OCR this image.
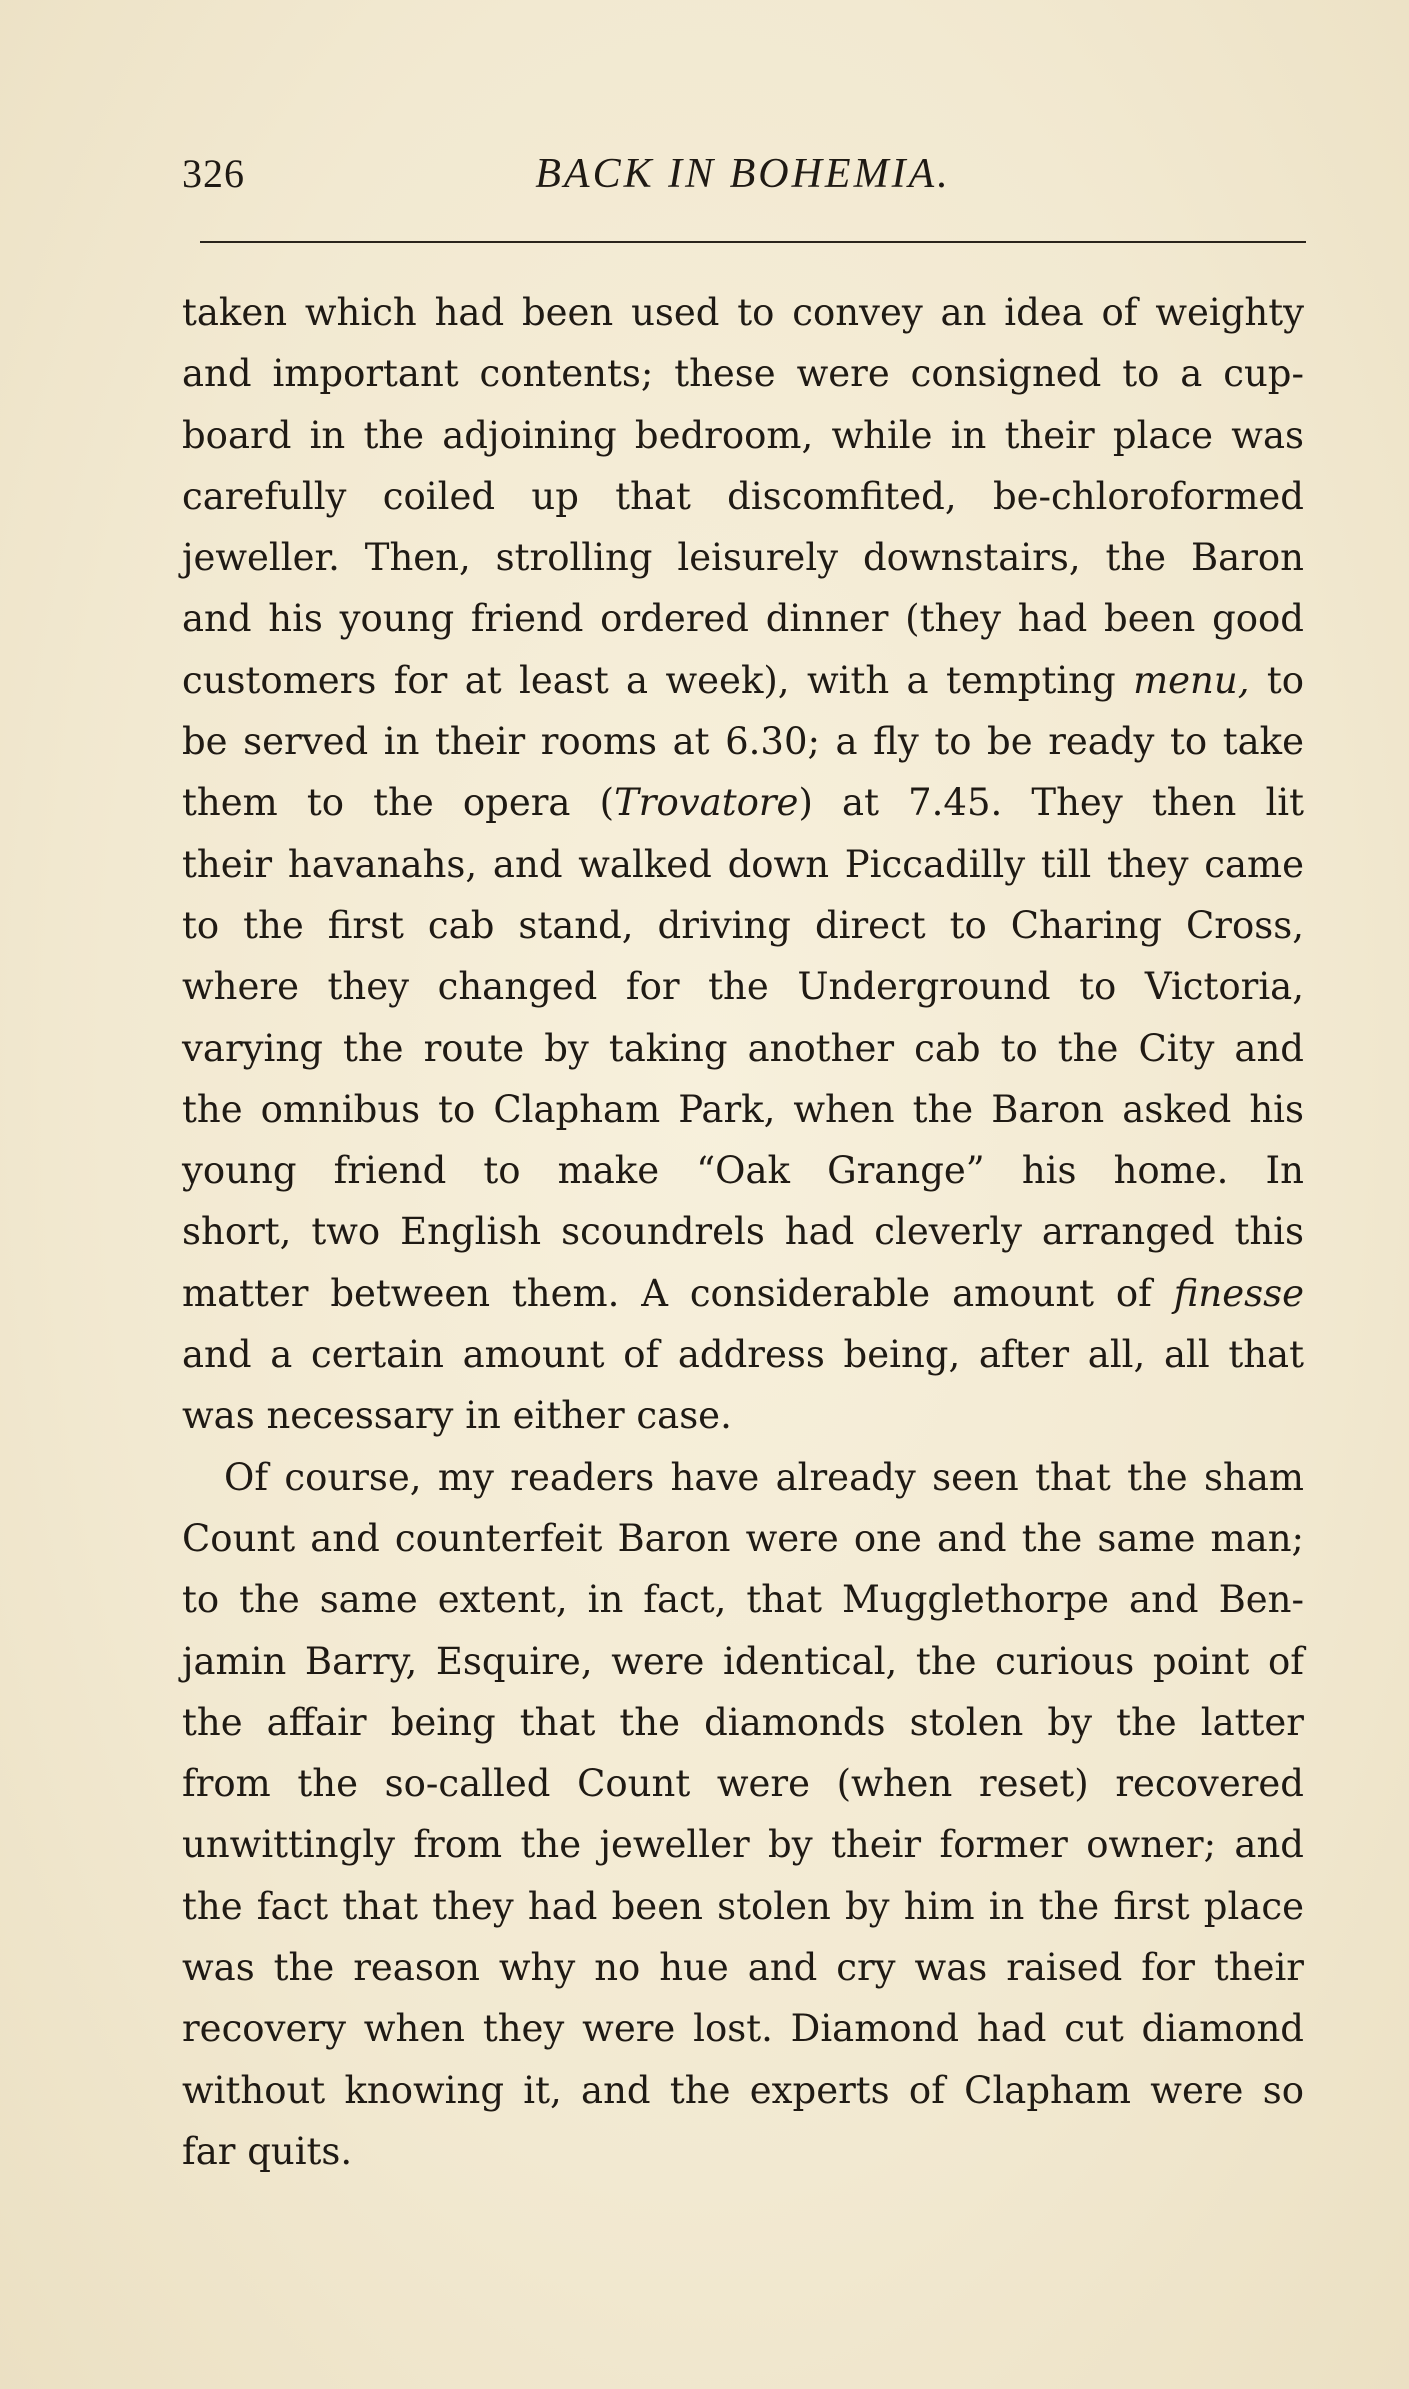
326	BACK IN BOHEMIA.
taken which had been used to convey an idea of weighty
and important contents; these were consigned to a cup-
board in the adjoining bedroom, while in their place was
carefully coiled up that discomfited, be-chloroformed
jeweller. Then, strolling leisurely downstairs, the Baron
and his young friend ordered dinner (they had been good
customers for at least a week), with a tempting menu, to
be served in their rooms at 6.30; a fly to be ready to take
them to the opera (Trovatore) at 7.45. They then lit
their havanahs, and walked down Piccadilly till they came
to the first cab stand, driving direct to Charing Cross,
where they changed for the Underground to Victoria,
varying the route by taking another cab to the City and
the omnibus to Clapham Park, when the Baron asked his
young friend to make “Oak Grange” his home. In
short, two English scoundrels had cleverly arranged this
matter between them. A considerable amount of finesse
and a certain amount of address being, after all, all that
was necessary in either case.
Of course, my readers have already seen that the sham
Count and counterfeit Baron were one and the same man;
to the same extent, in fact, that Mugglethorpe and Ben-
jamin Barry, Esquire, were identical, the curious point of
the affair being that the diamonds stolen by the latter
from the so-called Count were (when reset) recovered
unwittingly from the jeweller by their former owner; and
the fact that they had been stolen by him in the first place
was the reason why no hue and cry was raised for their
recovery when they were lost. Diamond had cut diamond
without knowing it, and the experts of Clapham were so
far quits.
